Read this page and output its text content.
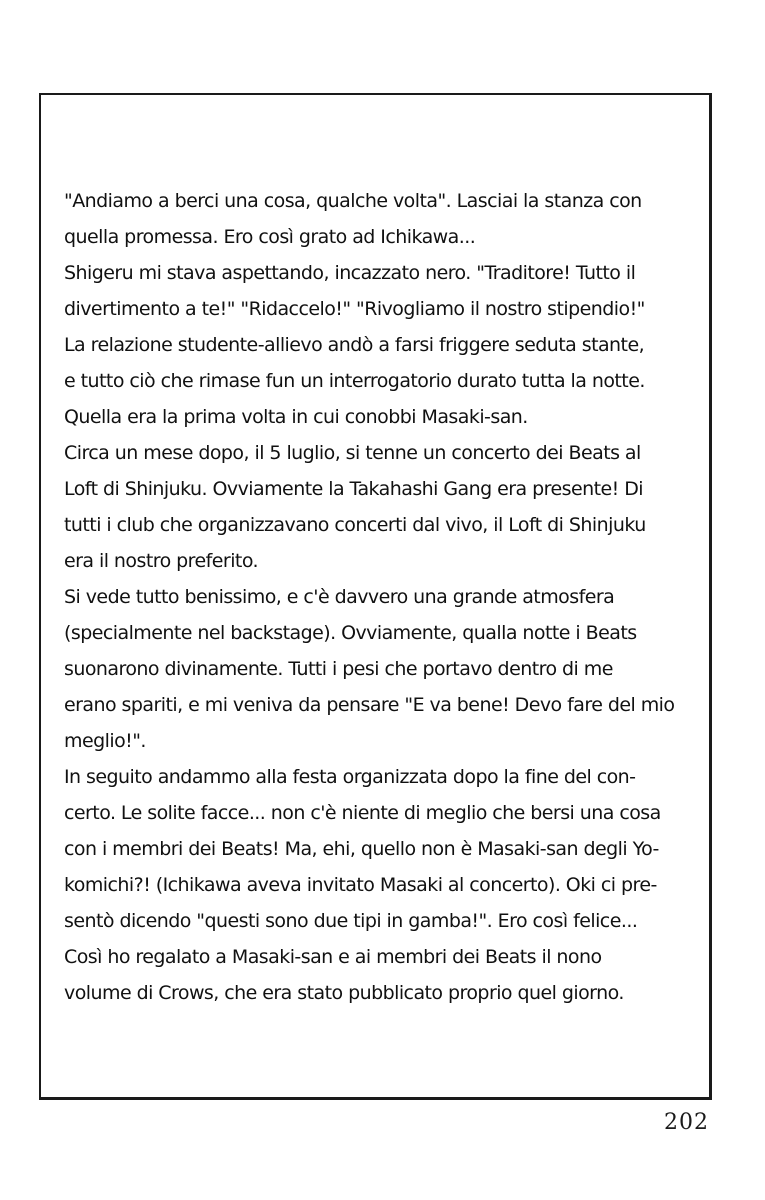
"Andiamo a berci una cosa, qualche volta". Lasciai la stanza con
quella promessa. Ero così grato ad Ichikawa...
Shigeru mi stava aspettando, incazzato nero. "Traditore! Tutto il
divertimento a te!" "Ridaccelo!" "Rivogliamo il nostro stipendio!"
La relazione studente-allievo andò a farsi friggere seduta stante,
e tutto ciò che rimase fun un interrogatorio durato tutta la notte.
Quella era la prima volta in cui conobbi Masaki-san.
Circa un mese dopo, il 5 luglio, si tenne un concerto dei Beats al
Loft di Shinjuku. Ovviamente la Takahashi Gang era presente! Di
tutti i club che organizzavano concerti dal vivo, il Loft di Shinjuku
era il nostro preferito.
Si vede tutto benissimo, e c'è davvero una grande atmosfera
(specialmente nel backstage). Ovviamente, qualla notte i Beats
suonarono divinamente. Tutti i pesi che portavo dentro di me
erano spariti, e mi veniva da pensare "E va bene! Devo fare del mio
meglio!".
In seguito andammo alla festa organizzata dopo la fine del con-
certo. Le solite facce... non c'è niente di meglio che bersi una cosa
con i membri dei Beats! Ma, ehi, quello non è Masaki-san degli Yo-
komichi?! (Ichikawa aveva invitato Masaki al concerto). Oki ci pre-
sentò dicendo "questi sono due tipi in gamba!". Ero così felice...
Così ho regalato a Masaki-san e ai membri dei Beats il nono
volume di Crows, che era stato pubblicato proprio quel giorno.
202
